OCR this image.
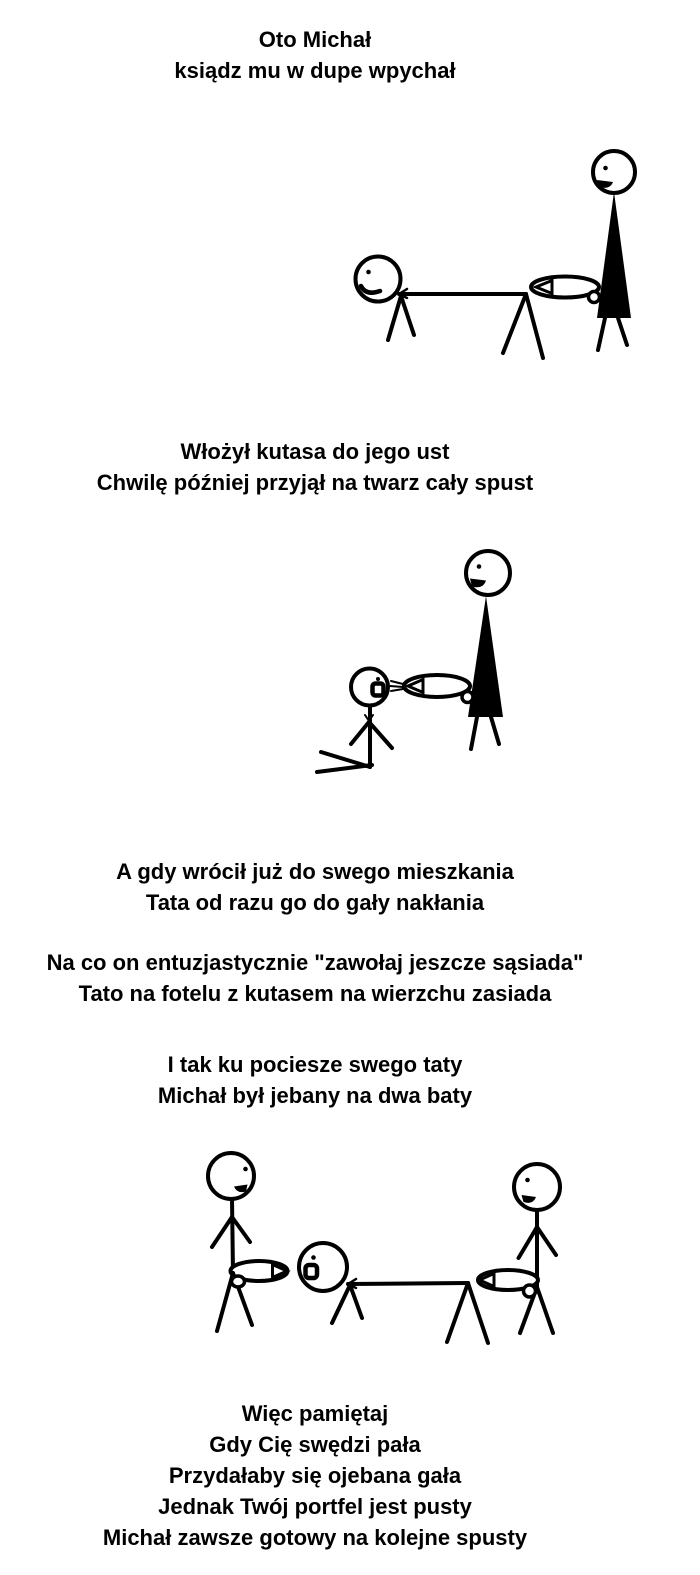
Oto Michał
ksiądz mu w dupe wpychał
Włożył kutasa do jego ust
Chwilę później przyjął na twarz cały spust
A gdy wrócił już do swego mieszkania
Tata od razu go do gały nakłania
Na co on entuzjastycznie "zawołaj jeszcze sąsiada"
Tato na fotelu z kutasem na wierzchu zasiada
I tak ku pociesze swego taty
Michał był jebany na dwa baty
Więc pamiętaj
Gdy Cię swędzi pała
Przydałaby się ojebana gała
Jednak Twój portfel jest pusty
Michał zawsze gotowy na kolejne spusty
